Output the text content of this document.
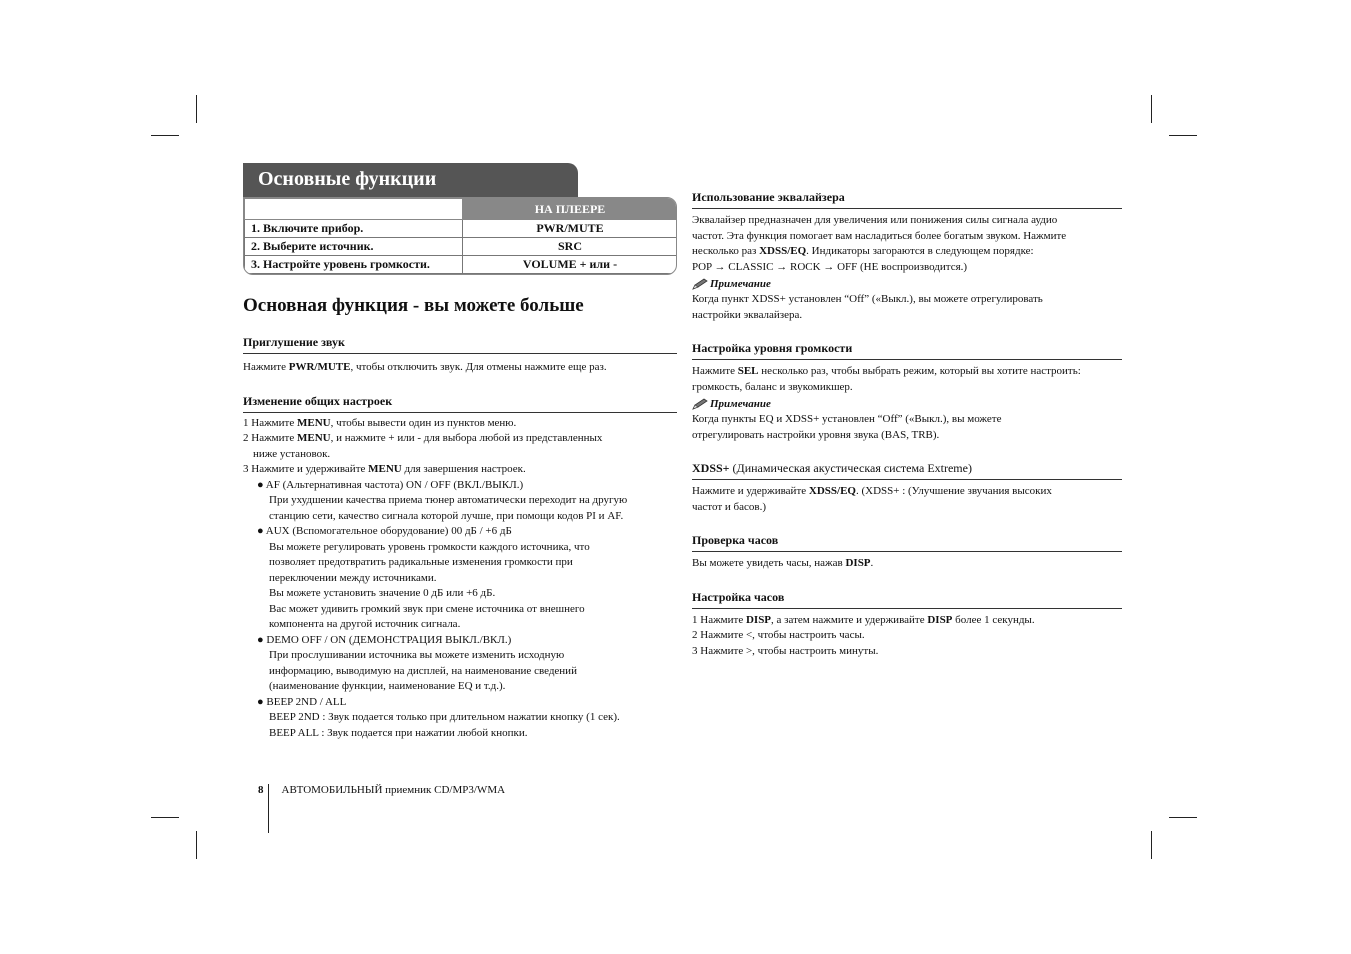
Основные функции
	НА ПЛЕЕРЕ
1. Включите прибор.	PWR/MUTE
2. Выберите источник.	SRC
3. Настройте уровень громкости.	VOLUME + или -
Основная функция - вы можете больше
Приглушение звук

Нажмите PWR/MUTE, чтобы отключить звук. Для отмены нажмите еще раз.

Изменение общих настроек

1 Нажмите MENU, чтобы вывести один из пунктов меню.

2 Нажмите MENU, и нажмите + или - для выбора любой из представленных

ниже установок.

3 Нажмите и удерживайте MENU для завершения настроек.

● AF (Альтернативная частота) ON / OFF (ВКЛ./ВЫКЛ.)

При ухудшении качества приема тюнер автоматически переходит на другую

станцию сети, качество сигнала которой лучше, при помощи кодов PI и AF.

● AUX (Вспомогательное оборудование) 00 дБ / +6 дБ

Вы можете регулировать уровень громкости каждого источника, что

позволяет предотвратить радикальные изменения громкости при

переключении между источниками.

Вы можете установить значение 0 дБ или +6 дБ.

Вас может удивить громкий звук при смене источника от внешнего

компонента на другой источник сигнала.

● DEMO OFF / ON (ДЕМОНСТРАЦИЯ ВЫКЛ./ВКЛ.)

При прослушивании источника вы можете изменить исходную

информацию, выводимую на дисплей, на наименование сведений

(наименование функции, наименование EQ и т.д.).

● BEEP 2ND / ALL

BEEP 2ND : Звук подается только при длительном нажатии кнопку (1 сек).

BEEP ALL : Звук подается при нажатии любой кнопки.

Использование эквалайзера

Эквалайзер предназначен для увеличения или понижения силы сигнала аудио

частот. Эта функция помогает вам насладиться более богатым звуком. Нажмите

несколько раз XDSS/EQ. Индикаторы загораются в следующем порядке:

POP → CLASSIC → ROCK → OFF (НЕ воспроизводится.)

Примечание

Когда пункт XDSS+ установлен “Off” («Выкл.), вы можете отрегулировать

настройки эквалайзера.

Настройка уровня громкости

Нажмите SEL несколько раз, чтобы выбрать режим, который вы хотите настроить:

громкость, баланс и звукомикшер.

Примечание

Когда пункты EQ и XDSS+ установлен “Off” («Выкл.), вы можете

отрегулировать настройки уровня звука (BAS, TRB).

XDSS+ (Динамическая акустическая система Extreme)

Нажмите и удерживайте XDSS/EQ. (XDSS+ : (Улучшение звучания высоких

частот и басов.)

Проверка часов

Вы можете увидеть часы, нажав DISP.

Настройка часов

1 Нажмите DISP, а затем нажмите и удерживайте DISP более 1 секунды.

2 Нажмите <, чтобы настроить часы.

3 Нажмите >, чтобы настроить минуты.

8	АВТОМОБИЛЬНЫЙ приемник CD/MP3/WMA
